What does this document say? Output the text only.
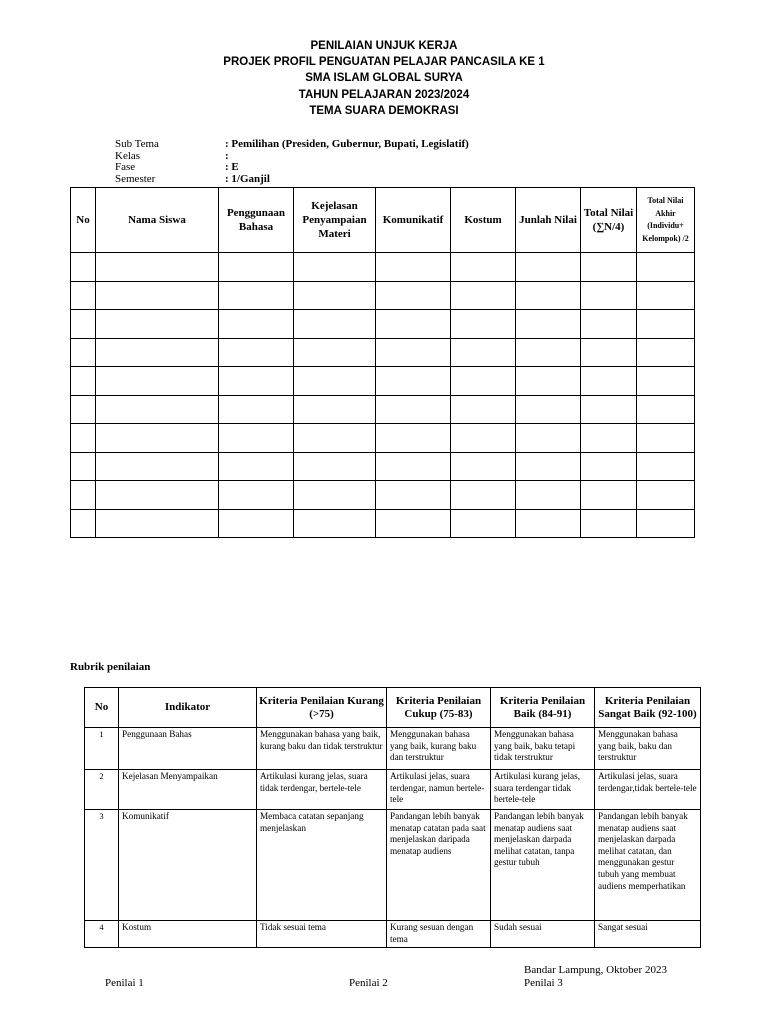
PENILAIAN UNJUK KERJA
PROJEK PROFIL PENGUATAN PELAJAR PANCASILA KE 1
SMA ISLAM GLOBAL SURYA
TAHUN PELAJARAN 2023/2024
TEMA SUARA DEMOKRASI
Sub Tema	: Pemilihan (Presiden, Gubernur, Bupati, Legislatif)
Kelas	:
Fase	: E
Semester	: 1/Ganjil
No	Nama Siswa	Penggunaan Bahasa	Kejelasan Penyampaian Materi	Komunikatif	Kostum	Junlah Nilai	Total Nilai (∑N/4)	Total Nilai Akhir (Individu+ Kelompok) /2

Rubrik penilaian
No	Indikator	Kriteria Penilaian Kurang (>75)	Kriteria Penilaian Cukup (75-83)	Kriteria Penilaian Baik (84-91)	Kriteria Penilaian Sangat Baik (92-100)
1	Penggunaan Bahas	Menggunakan bahasa yang baik, kurang baku dan tidak terstruktur	Menggunakan bahasa yang baik, kurang baku dan terstruktur	Menggunakan bahasa yang baik, baku tetapi tidak terstruktur	Menggunakan bahasa yang baik, baku dan terstruktur
2	Kejelasan Menyampaikan	Artikulasi kurang jelas, suara tidak terdengar, bertele-tele	Artikulasi jelas, suara terdengar, namun bertele-tele	Artikulasi kurang jelas, suara terdengar tidak bertele-tele	Artikulasi jelas, suara terdengar,tidak bertele-tele
3	Komunikatif	Membaca catatan sepanjang menjelaskan	Pandangan lebih banyak menatap catatan pada saat menjelaskan daripada menatap audiens	Pandangan lebih banyak menatap audiens saat menjelaskan darpada melihat catatan, tanpa gestur tubuh	Pandangan lebih banyak menatap audiens saat menjelaskan darpada melihat catatan, dan menggunakan gestur tubuh yang membuat audiens memperhatikan
4	Kostum	Tidak sesuai tema	Kurang sesuan dengan tema	Sudah sesuai	Sangat sesuai
Bandar Lampung, Oktober 2023
Penilai 1	Penilai 2	Penilai 3
